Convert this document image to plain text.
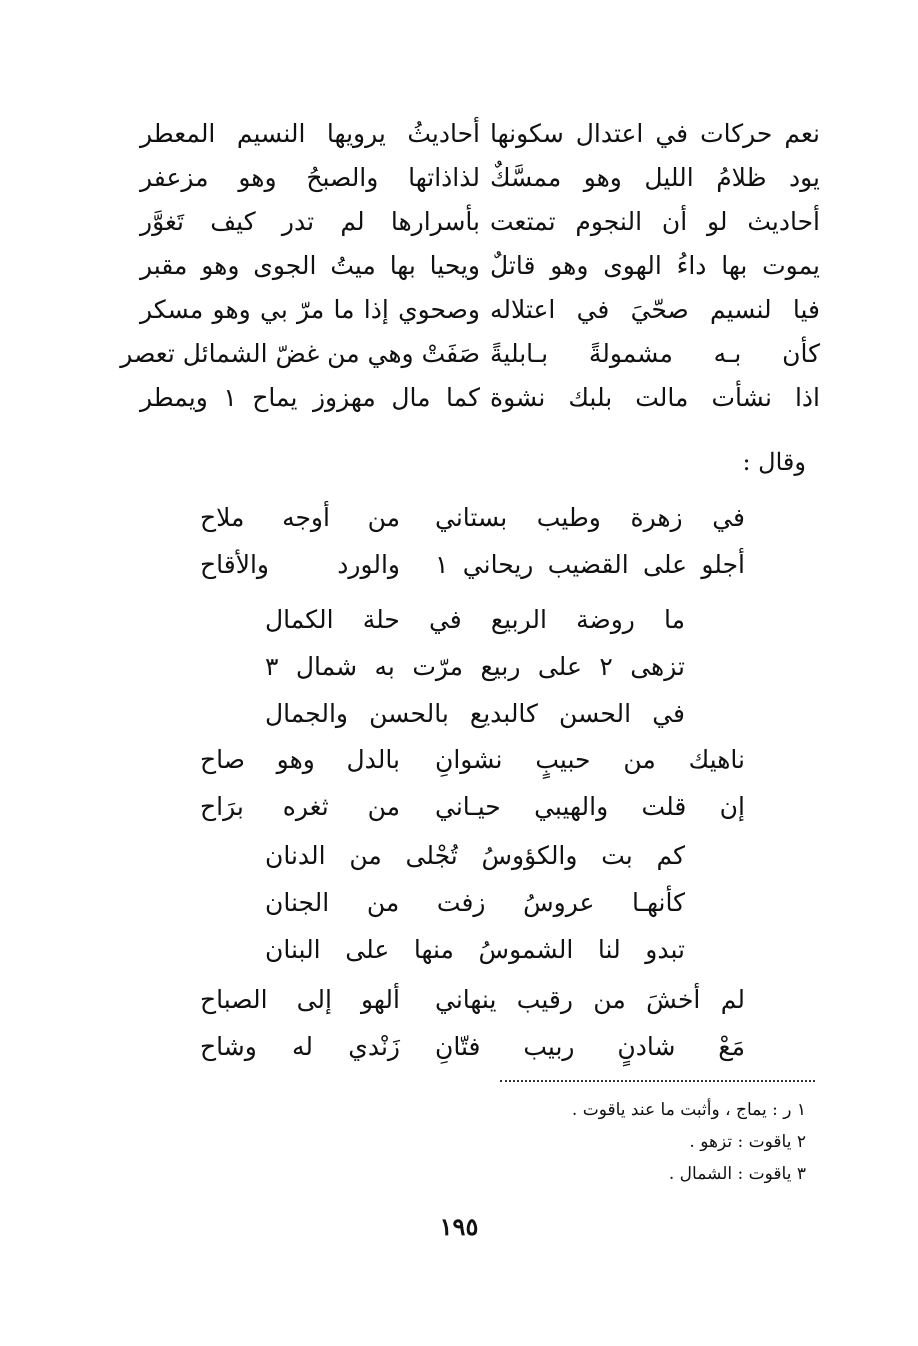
نعم حركات في اعتدال سكونها
أحاديثُ يرويها النسيم المعطر
يود ظلامُ الليل وهو ممسَّكٌ
لذاذاتها والصبحُ وهو مزعفر
أحاديث لو أن النجوم تمتعت
بأسرارها لم تدر كيف تَغوَّر
يموت بها داءُ الهوى وهو قاتلٌ
ويحيا بها ميتُ الجوى وهو مقبر
فيا لنسيم صحّيَ في اعتلاله
وصحوي إذا ما مرّ بي وهو مسكر
كأن بـه مشمولةً بـابليةً
صَفَتْ وهي من غضّ الشمائل تعصر
اذا نشأت مالت بلبك نشوة
كما مال مهزوز يماح ١ ويمطر
وقال :
في زهرة وطيب بستاني
من أوجه ملاح
أجلو على القضيب ريحاني ١
والورد والأقاح
ما روضة الربيع في حلة الكمال
تزهى ٢ على ربيع مرّت به شمال ٣
في الحسن كالبديع بالحسن والجمال
ناهيك من حبيبٍ نشوانِ
بالدل وهو صاح
إن قلت والهيبي حيـاني
من ثغره برَاح
كم بت والكؤوسُ تُجْلى من الدنان
كأنهـا عروسُ زفت من الجنان
تبدو لنا الشموسُ منها على البنان
لم أخشَ من رقيب ينهاني
ألهو إلى الصباح
مَعْ شادنٍ ربيب فتّانِ
زَنْدي له وشاح
١ ر : يماج ، وأثبت ما عند ياقوت .
٢ ياقوت : تزهو .
٣ ياقوت : الشمال .
١٩٥
